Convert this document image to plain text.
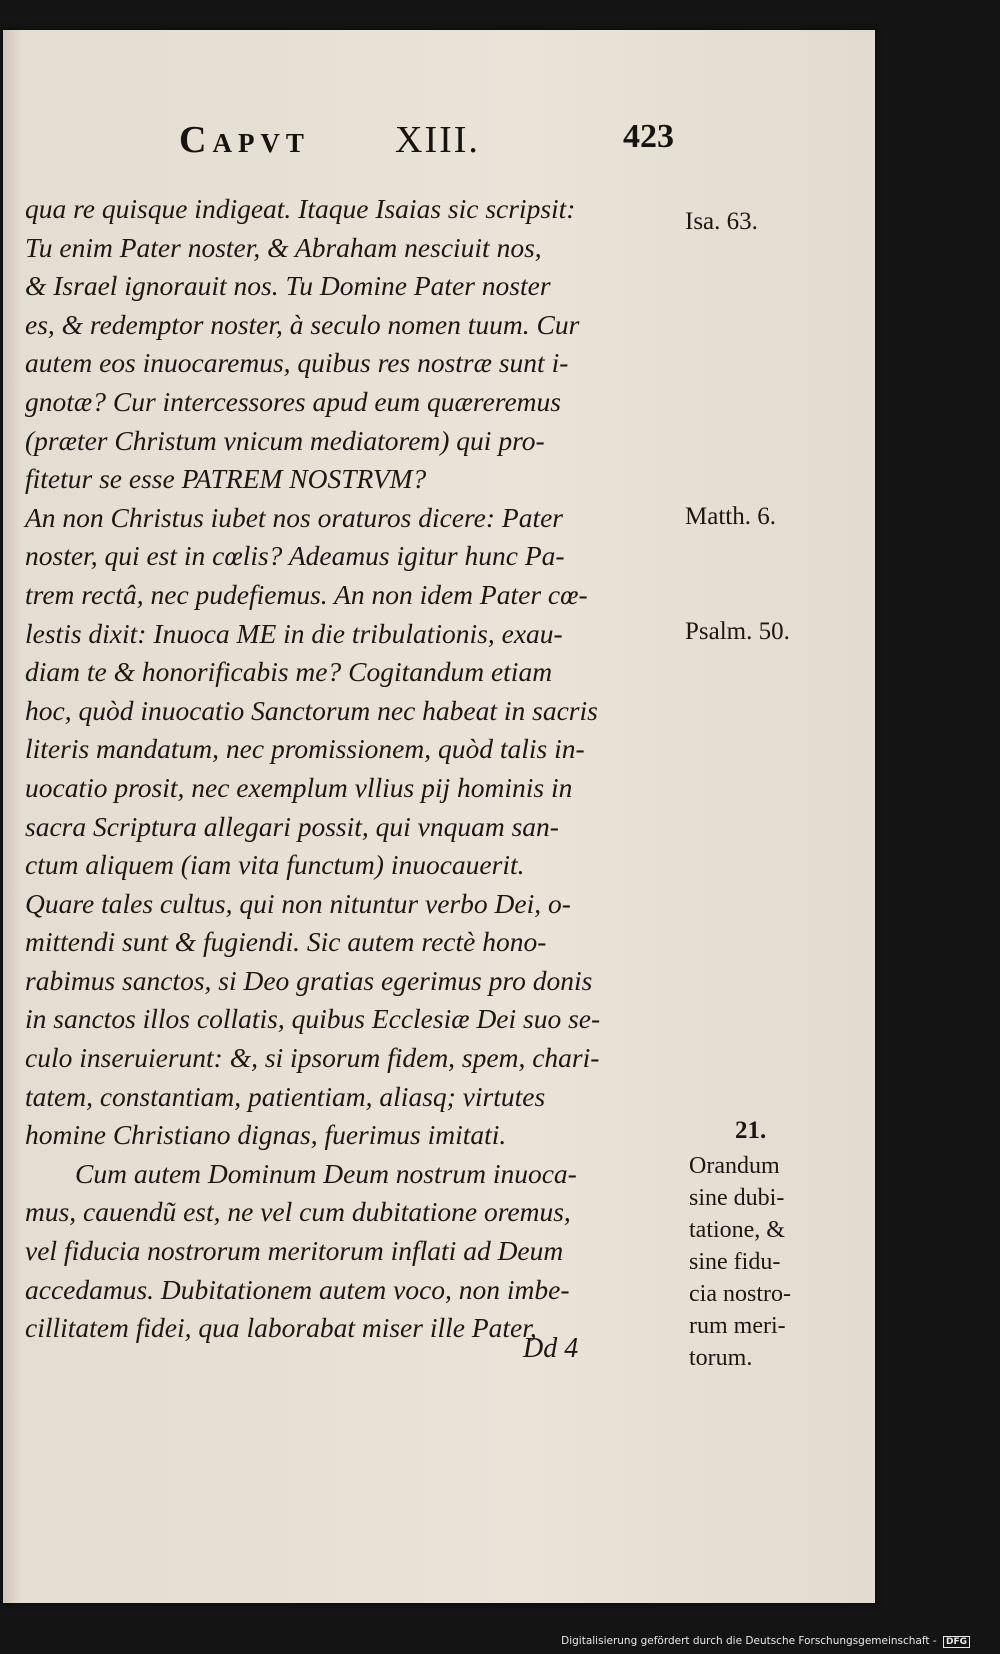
Capvt XIII.	423
qua re quisque indigeat. Itaque Isaias sic scripsit:
Tu enim Pater noster, & Abraham nesciuit nos,
& Israel ignorauit nos. Tu Domine Pater noster
es, & redemptor noster, à seculo nomen tuum. Cur
autem eos inuocaremus, quibus res nostræ sunt i-
gnotæ? Cur intercessores apud eum quæreremus
(præter Christum vnicum mediatorem) qui pro-
fitetur se esse PATREM NOSTRVM?
An non Christus iubet nos oraturos dicere: Pater
noster, qui est in cœlis? Adeamus igitur hunc Pa-
trem rectâ, nec pudefiemus. An non idem Pater cœ-
lestis dixit: Inuoca ME in die tribulationis, exau-
diam te & honorificabis me? Cogitandum etiam
hoc, quòd inuocatio Sanctorum nec habeat in sacris
literis mandatum, nec promissionem, quòd talis in-
uocatio prosit, nec exemplum vllius pij hominis in
sacra Scriptura allegari possit, qui vnquam san-
ctum aliquem (iam vita functum) inuocauerit.
Quare tales cultus, qui non nituntur verbo Dei, o-
mittendi sunt & fugiendi. Sic autem rectè hono-
rabimus sanctos, si Deo gratias egerimus pro donis
in sanctos illos collatis, quibus Ecclesiæ Dei suo se-
culo inseruierunt: &, si ipsorum fidem, spem, chari-
tatem, constantiam, patientiam, aliasq; virtutes
homine Christiano dignas, fuerimus imitati.
Cum autem Dominum Deum nostrum inuoca-
mus, cauendũ est, ne vel cum dubitatione oremus,
vel fiducia nostrorum meritorum inflati ad Deum
accedamus. Dubitationem autem voco, non imbe-
cillitatem fidei, qua laborabat miser ille Pater,
Dd 4
Isa. 63.
Matth. 6.
Psalm. 50.
21.
Orandum
sine dubi-
tatione, &
sine fidu-
cia nostro-
rum meri-
torum.
Digitalisierung gefördert durch die Deutsche Forschungsgemeinschaft - DFG
